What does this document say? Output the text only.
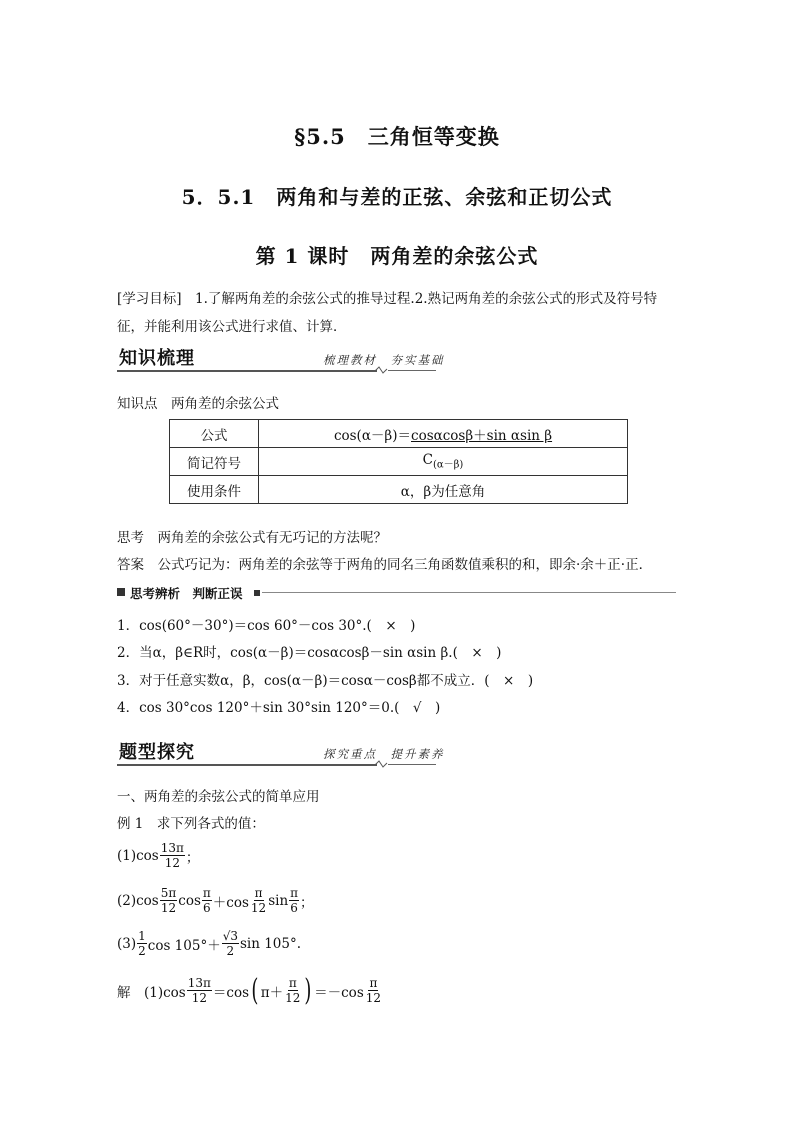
§5.5　三角恒等变换
5．5.1　两角和与差的正弦、余弦和正切公式
第 1 课时　两角差的余弦公式
[学习目标]　1.了解两角差的余弦公式的推导过程.2.熟记两角差的余弦公式的形式及符号特
征，并能利用该公式进行求值、计算．
知识梳理	梳理教材　夯实基础
知识点　两角差的余弦公式
公式	cos(α－β)＝cosαcosβ＋sin αsin β
简记符号	$C_{(\alpha-\beta)}$
使用条件	α，β为任意角
思考　两角差的余弦公式有无巧记的方法呢？
答案　公式巧记为：两角差的余弦等于两角的同名三角函数值乘积的和，即余·余＋正·正．
思考辨析　判断正误
1．cos(60°－30°)＝cos 60°－cos 30°.(　×　)
2．当α，β∈R时，cos(α－β)＝cosαcosβ－sin αsin β.(　×　)
3．对于任意实数α，β，cos(α－β)＝cosα－cosβ都不成立．(　×　)
4．cos 30°cos 120°＋sin 30°sin 120°＝0.(　√　)
题型探究	探究重点　提升素养
一、两角差的余弦公式的简单应用
例 1　求下列各式的值：
$(1)\cos \frac{13\pi}{12}$ ；
$(2)\cos \frac{5\pi}{12}$ $\cos \frac{\pi}{6} +\cos \frac{\pi}{12}$ $\sin \frac{\pi}{6}$ ；
$(3) \frac{1}{2}$ $\cos 105^\circ+ \frac{√3}{2}$ sin 105°.
解　$(1)\cos \frac{13\pi}{12} =\cos$ ( $\pi+ \frac{\pi}{12}$ ) $=-\cos \frac{\pi}{12}$
